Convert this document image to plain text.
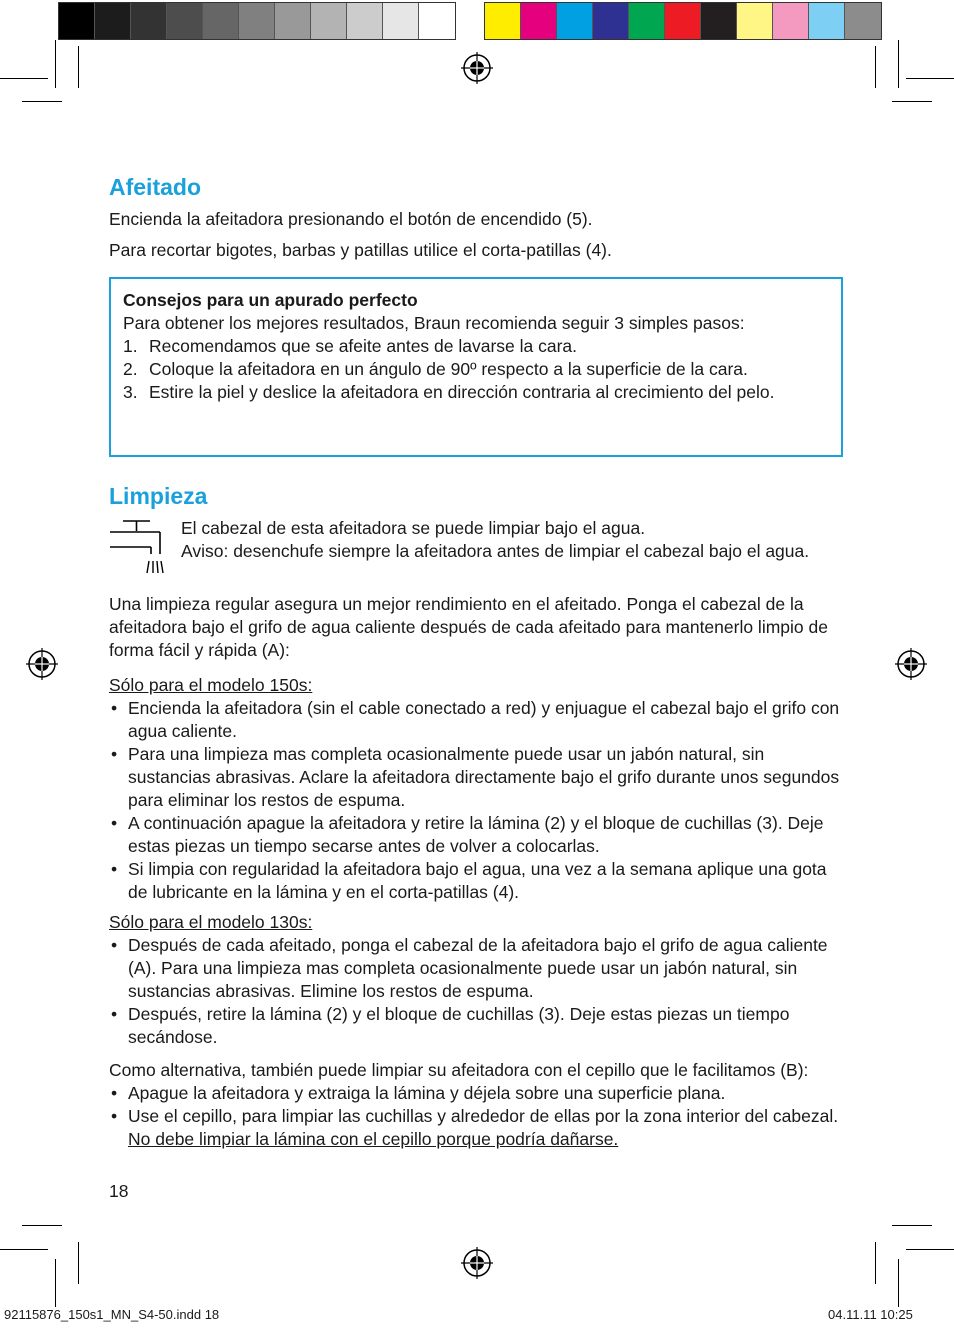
Afeitado

Encienda la afeitadora presionando el botón de encendido (5).

Para recortar bigotes, barbas y patillas utilice el corta-patillas (4).

Consejos para un apurado perfecto
Para obtener los mejores resultados, Braun recomienda seguir 3 simples pasos:
1. Recomendamos que se afeite antes de lavarse la cara.
2. Coloque la afeitadora en un ángulo de 90º respecto a la superficie de la cara.
3. Estire la piel y deslice la afeitadora en dirección contraria al crecimiento del pelo.
Limpieza
El cabezal de esta afeitadora se puede limpiar bajo el agua.
Aviso: desenchufe siempre la afeitadora antes de limpiar el cabezal bajo el agua.

Una limpieza regular asegura un mejor rendimiento en el afeitado. Ponga el cabezal de la afeitadora bajo el grifo de agua caliente después de cada afeitado para mantenerlo limpio de forma fácil y rápida (A):

Sólo para el modelo 150s:
• Encienda la afeitadora (sin el cable conectado a red) y enjuague el cabezal bajo el grifo con agua caliente.
• Para una limpieza mas completa ocasionalmente puede usar un jabón natural, sin sustancias abrasivas. Aclare la afeitadora directamente bajo el grifo durante unos segundos para eliminar los restos de espuma.
• A continuación apague la afeitadora y retire la lámina (2) y el bloque de cuchillas (3). Deje estas piezas un tiempo secarse antes de volver a colocarlas.
• Si limpia con regularidad la afeitadora bajo el agua, una vez a la semana aplique una gota de lubricante en la lámina y en el corta-patillas (4).
Sólo para el modelo 130s:
• Después de cada afeitado, ponga el cabezal de la afeitadora bajo el grifo de agua caliente (A). Para una limpieza mas completa ocasionalmente puede usar un jabón natural, sin sustancias abrasivas. Elimine los restos de espuma.
• Después, retire la lámina (2) y el bloque de cuchillas (3). Deje estas piezas un tiempo secándose.
Como alternativa, también puede limpiar su afeitadora con el cepillo que le facilitamos (B):
• Apague la afeitadora y extraiga la lámina y déjela sobre una superficie plana.
• Use el cepillo, para limpiar las cuchillas y alrededor de ellas por la zona interior del cabezal. No debe limpiar la lámina con el cepillo porque podría dañarse.
18
92115876_150s1_MN_S4-50.indd 18	04.11.11 10:25
